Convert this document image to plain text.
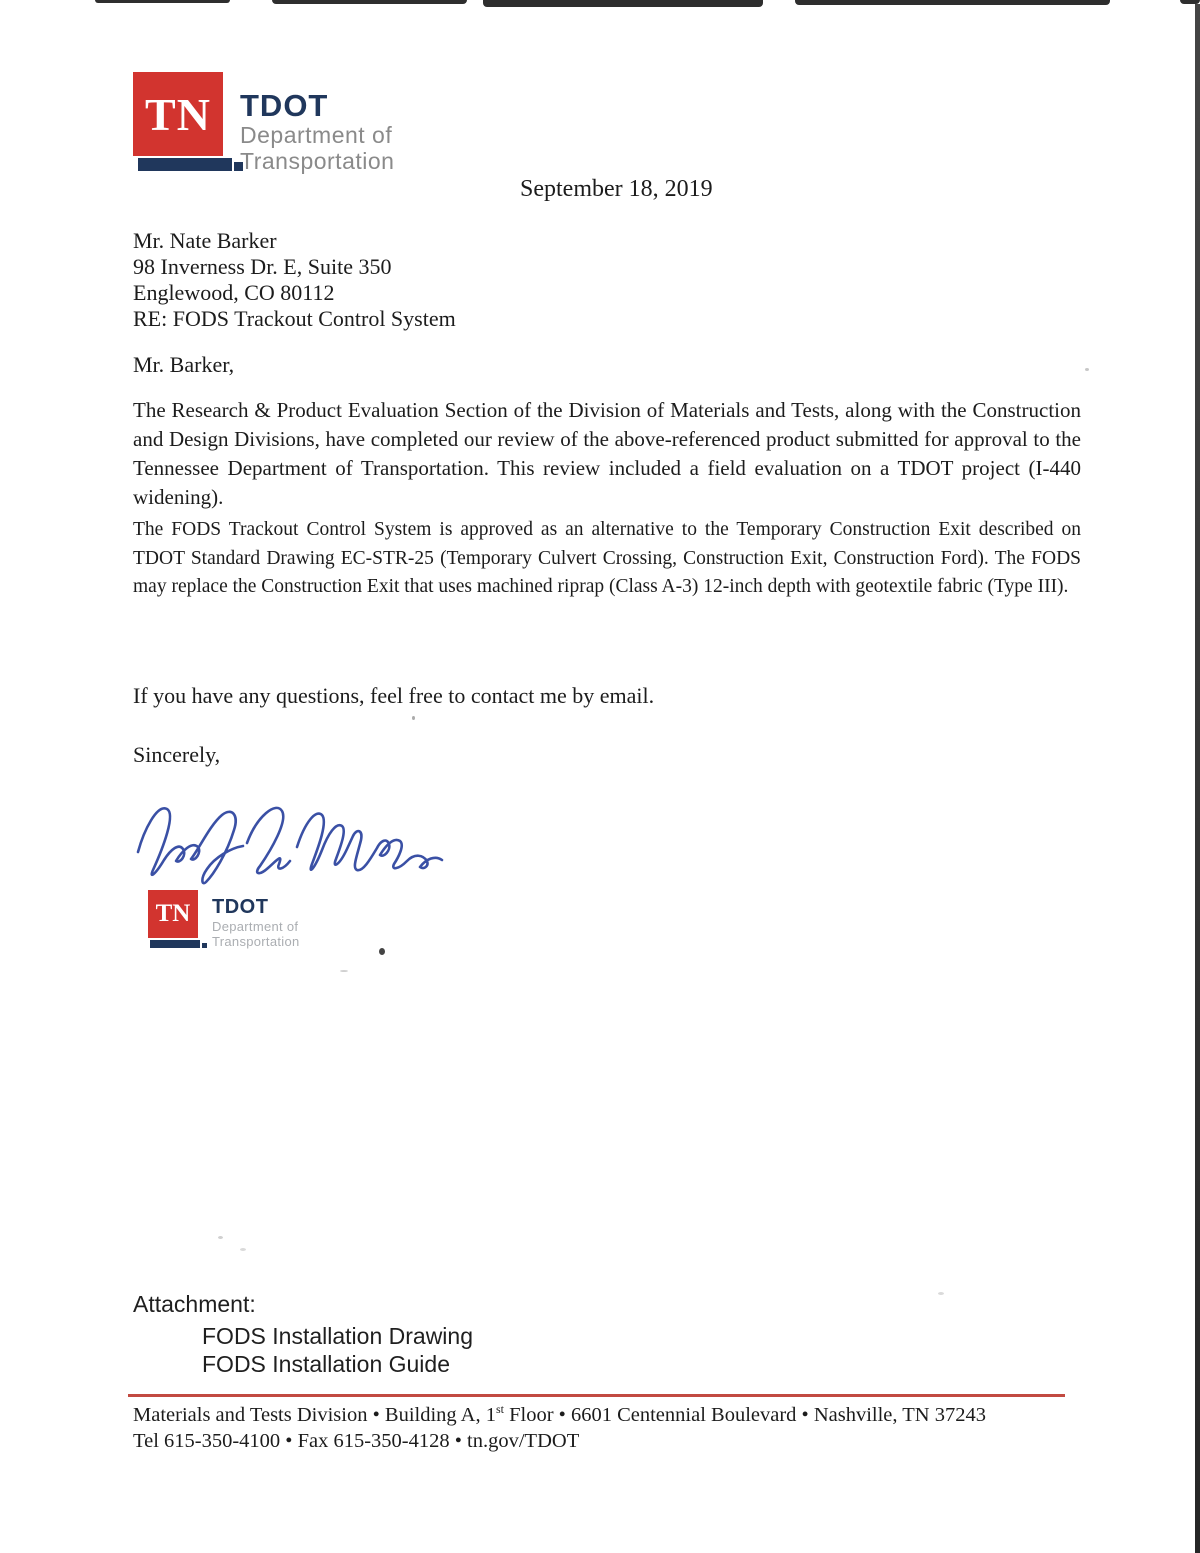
TN TDOT
Department of
Transportation
September 18, 2019
Mr. Nate Barker
98 Inverness Dr. E, Suite 350
Englewood, CO 80112
RE: FODS Trackout Control System
Mr. Barker,
The Research & Product Evaluation Section of the Division of Materials and Tests, along with the Construction and Design Divisions, have completed our review of the above-referenced product submitted for approval to the Tennessee Department of Transportation. This review included a field evaluation on a TDOT project (I-440 widening).
The FODS Trackout Control System is approved as an alternative to the Temporary Construction Exit described on TDOT Standard Drawing EC-STR-25 (Temporary Culvert Crossing, Construction Exit, Construction Ford). The FODS may replace the Construction Exit that uses machined riprap (Class A-3) 12-inch depth with geotextile fabric (Type III).
If you have any questions, feel free to contact me by email.
Sincerely,
TN TDOT
Department of
Transportation
Attachment:
FODS Installation Drawing
FODS Installation Guide
Materials and Tests Division • Building A, 1st Floor • 6601 Centennial Boulevard • Nashville, TN 37243
Tel 615-350-4100 • Fax 615-350-4128 • tn.gov/TDOT
